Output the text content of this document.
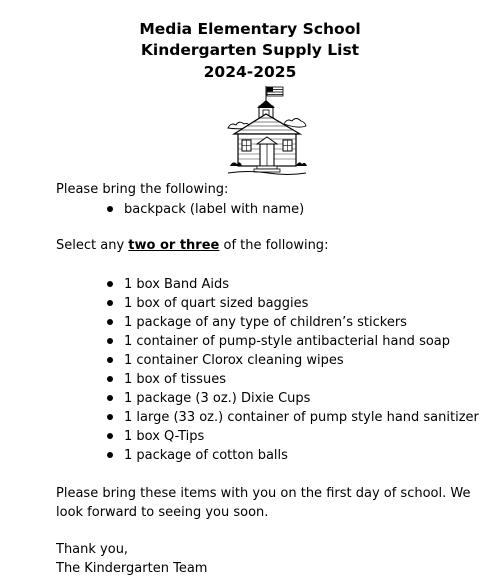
Media Elementary School
Kindergarten Supply List
2024-2025
Please bring the following:
backpack (label with name)
Select any two or three of the following:
1 box Band Aids
1 box of quart sized baggies
1 package of any type of children’s stickers
1 container of pump-style antibacterial hand soap
1 container Clorox cleaning wipes
1 box of tissues
1 package (3 oz.) Dixie Cups
1 large (33 oz.) container of pump style hand sanitizer
1 box Q-Tips
1 package of cotton balls
Please bring these items with you on the first day of school. We
look forward to seeing you soon.
Thank you,
The Kindergarten Team
